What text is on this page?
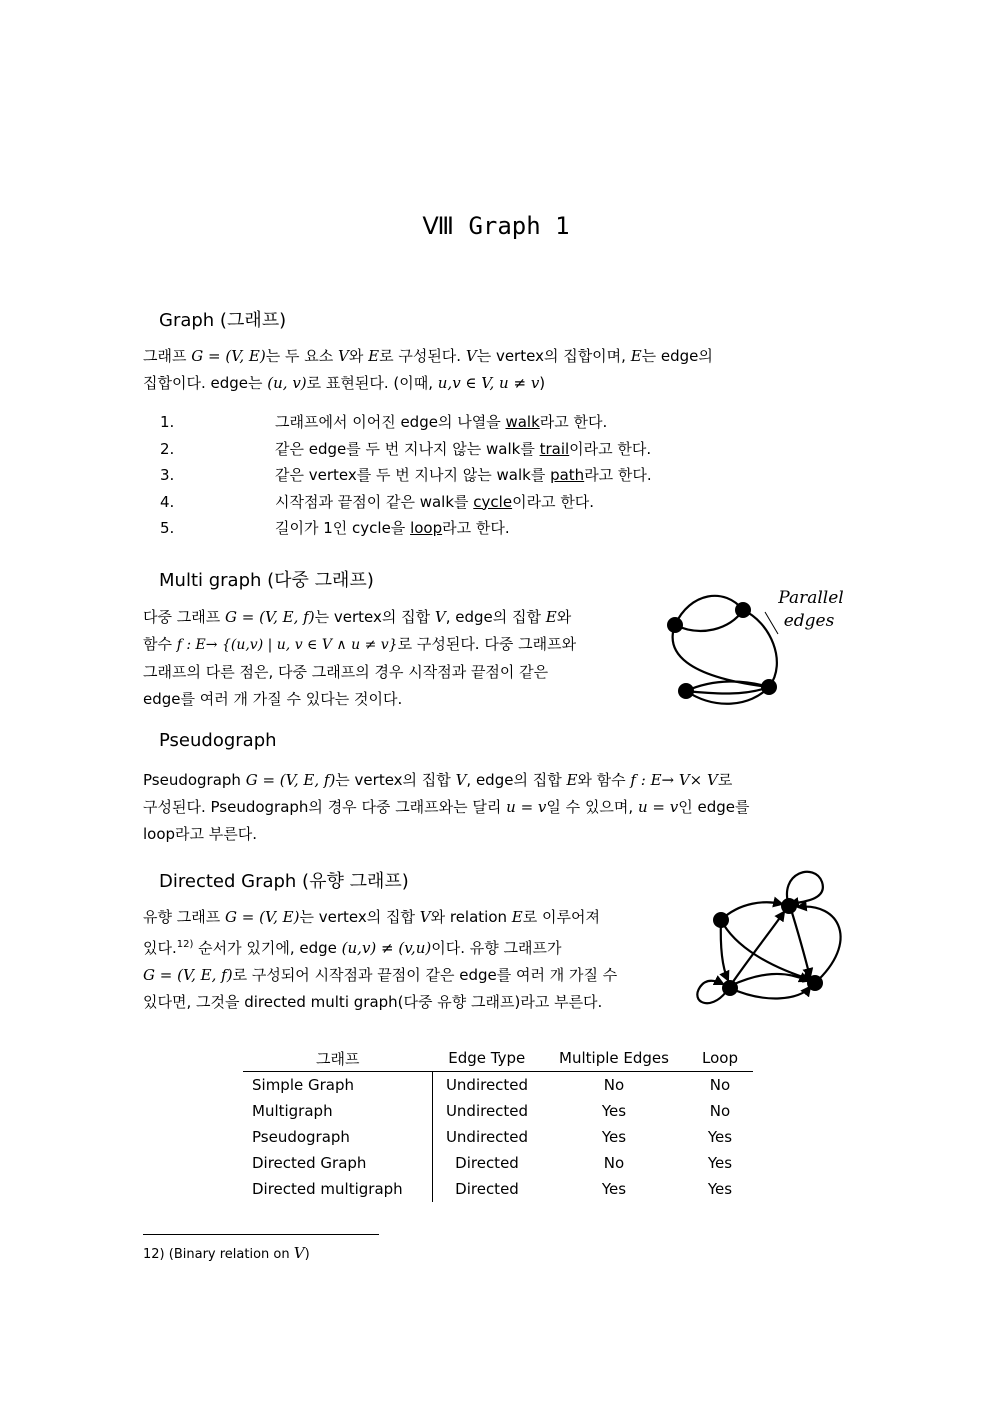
Ⅷ Graph 1
Graph (그래프)

그래프 G = (V, E)는 두 요소 V와 E로 구성된다. V는 vertex의 집합이며, E는 edge의

집합이다. edge는 (u, v)로 표현된다. (이때, u,v ∈ V, u ≠ v)

1.	그래프에서 이어진 edge의 나열을 walk라고 한다.
2.	같은 edge를 두 번 지나지 않는 walk를 trail이라고 한다.
3.	같은 vertex를 두 번 지나지 않는 walk를 path라고 한다.
4.	시작점과 끝점이 같은 walk를 cycle이라고 한다.
5.	길이가 1인 cycle을 loop라고 한다.
Multi graph (다중 그래프)

다중 그래프 G = (V, E, f)는 vertex의 집합 V, edge의 집합 E와

함수 f : E→ {(u,v) | u, v ∈ V ∧ u ≠ v}로 구성된다. 다중 그래프와

그래프의 다른 점은, 다중 그래프의 경우 시작점과 끝점이 같은

edge를 여러 개 가질 수 있다는 것이다.

Parallel
edges
Pseudograph

Pseudograph G = (V, E, f)는 vertex의 집합 V, edge의 집합 E와 함수 f : E→ V× V로

구성된다. Pseudograph의 경우 다중 그래프와는 달리 u = v일 수 있으며, u = v인 edge를

loop라고 부른다.

Directed Graph (유향 그래프)

유향 그래프 G = (V, E)는 vertex의 집합 V와 relation E로 이루어져

있다.$^{12)}$ 순서가 있기에, edge (u,v) ≠ (v,u)이다. 유향 그래프가

G = (V, E, f)로 구성되어 시작점과 끝점이 같은 edge를 여러 개 가질 수

있다면, 그것을 directed multi graph(다중 유향 그래프)라고 부른다.

그래프	Edge Type	Multiple Edges	Loop
Simple Graph	Undirected	No	No
Multigraph	Undirected	Yes	No
Pseudograph	Undirected	Yes	Yes
Directed Graph	Directed	No	Yes
Directed multigraph	Directed	Yes	Yes
12) (Binary relation on V)
